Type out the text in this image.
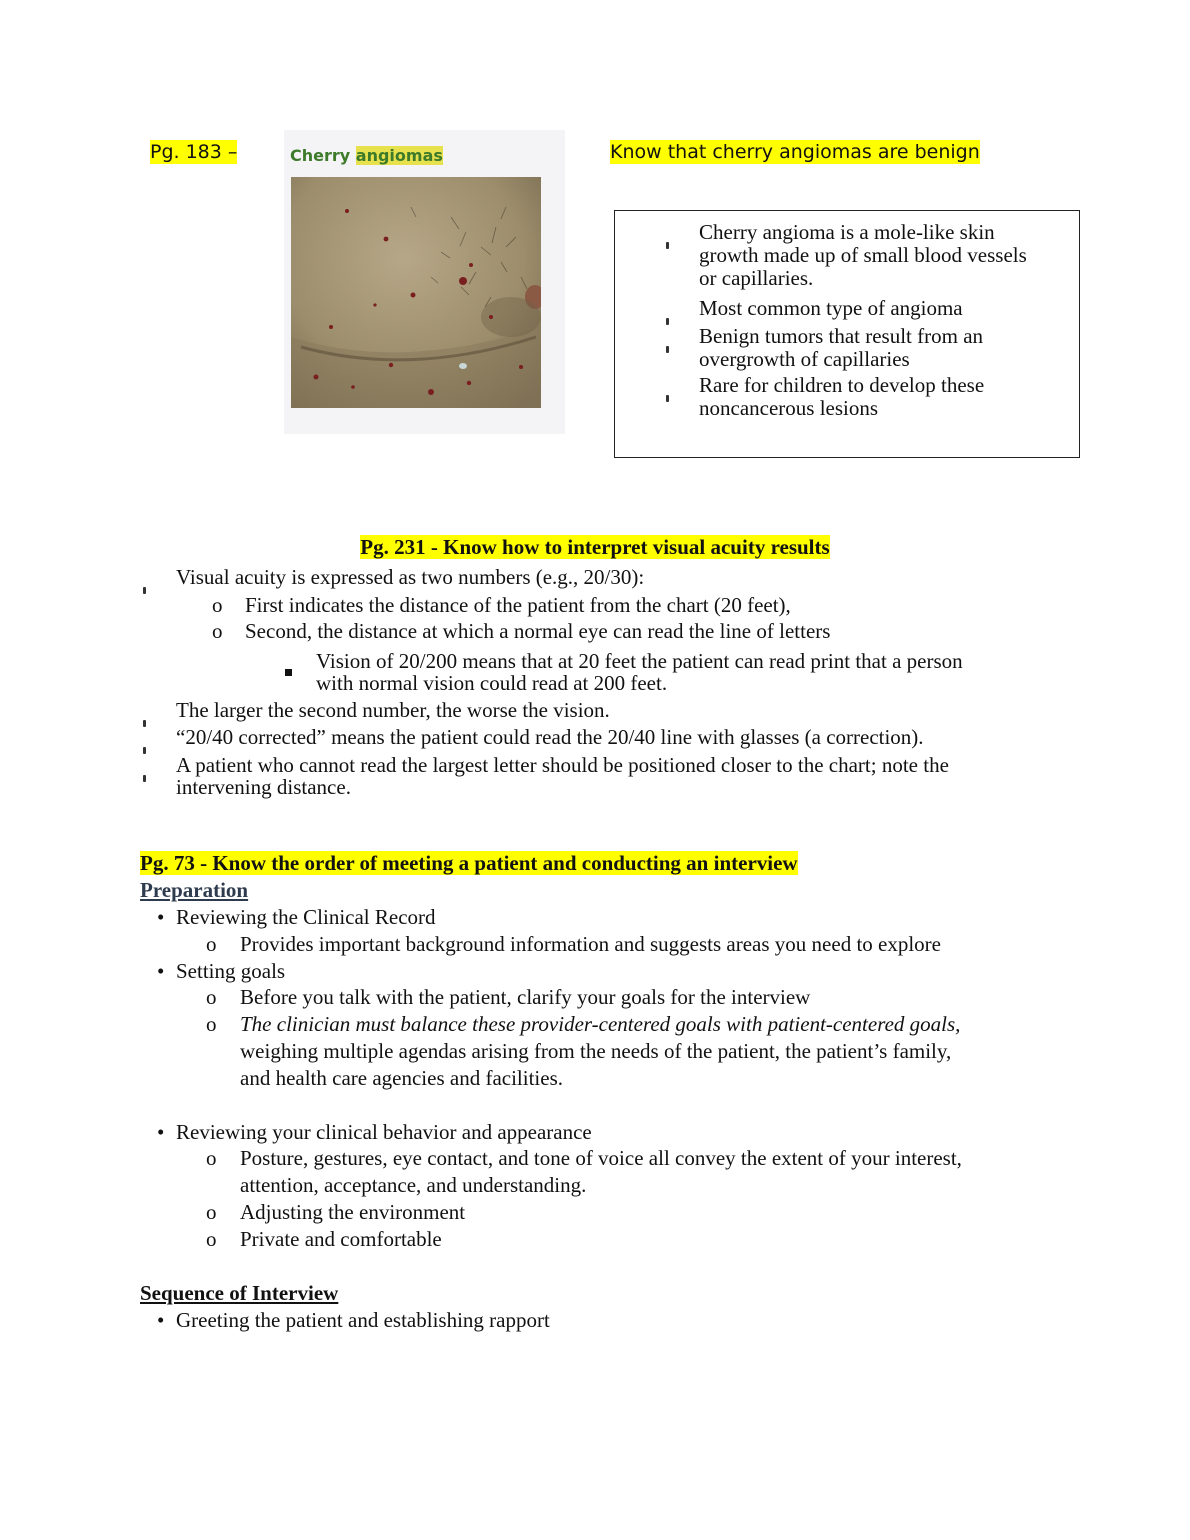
Pg. 183 –	Cherry angiomas	Know that cherry angiomas are benign
Cherry angioma is a mole-like skin
growth made up of small blood vessels
or capillaries.
Most common type of angioma
Benign tumors that result from an
overgrowth of capillaries
Rare for children to develop these
noncancerous lesions
Pg. 231 - Know how to interpret visual acuity results
Visual acuity is expressed as two numbers (e.g., 20/30):
o First indicates the distance of the patient from the chart (20 feet),
o Second, the distance at which a normal eye can read the line of letters
Vision of 20/200 means that at 20 feet the patient can read print that a person
with normal vision could read at 200 feet.
The larger the second number, the worse the vision.
“20/40 corrected” means the patient could read the 20/40 line with glasses (a correction).
A patient who cannot read the largest letter should be positioned closer to the chart; note the
intervening distance.
Pg. 73 - Know the order of meeting a patient and conducting an interview
Preparation
• Reviewing the Clinical Record
o Provides important background information and suggests areas you need to explore
• Setting goals
o Before you talk with the patient, clarify your goals for the interview
o The clinician must balance these provider-centered goals with patient-centered goals,
weighing multiple agendas arising from the needs of the patient, the patient’s family,
and health care agencies and facilities.
• Reviewing your clinical behavior and appearance
o Posture, gestures, eye contact, and tone of voice all convey the extent of your interest,
attention, acceptance, and understanding.
o Adjusting the environment
o Private and comfortable
Sequence of Interview
• Greeting the patient and establishing rapport
